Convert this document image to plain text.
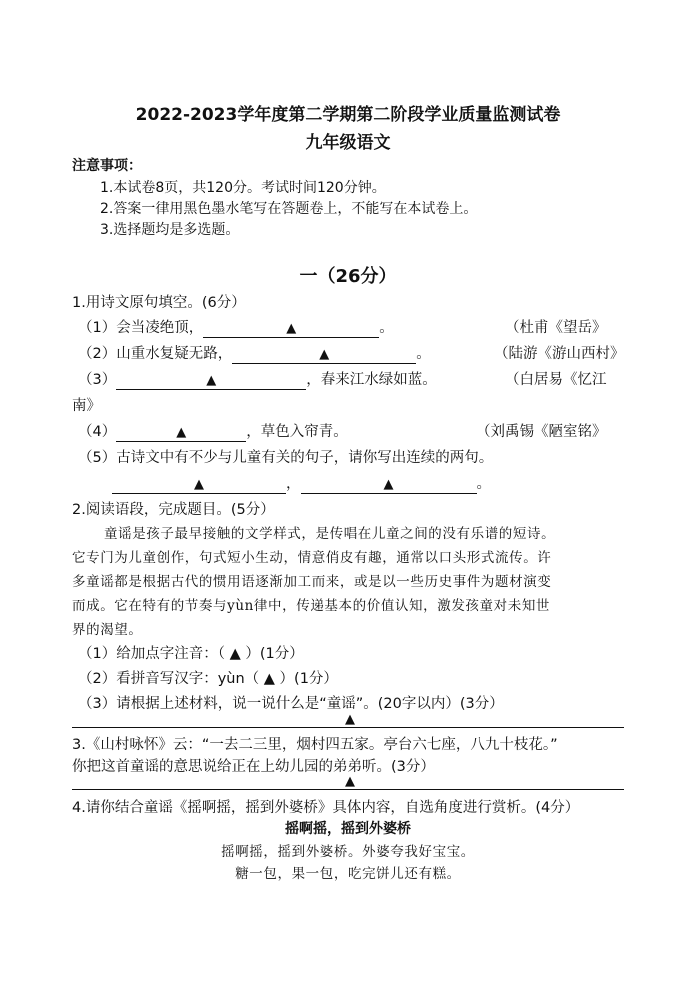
2022-2023学年度第二学期第二阶段学业质量监测试卷
九年级语文
注意事项：
1.本试卷8页，共120分。考试时间120分钟。
2.答案一律用黑色墨水笔写在答题卷上，不能写在本试卷上。
3.选择题均是多选题。
一（26分）
1.用诗文原句填空。(6分）
（1）会当凌绝顶，	▲	。	（杜甫《望岳》
（2）山重水复疑无路，	▲	。	（陆游《游山西村》
（3）	▲	，春来江水绿如蓝。	（白居易《忆江
南》
（4）	▲	，草色入帘青。	（刘禹锡《陋室铭》
（5）古诗文中有不少与儿童有关的句子，请你写出连续的两句。
▲	，	▲	。
2.阅读语段，完成题目。(5分）
童谣是孩子最早接触的文学样式，是传唱在儿童之间的没有乐谱的短诗。
它专门为儿童创作，句式短小生动，情意俏皮有趣，通常以口头形式流传。许
多童谣都是根据古代的惯用语逐渐加工而来，或是以一些历史事件为题材演变
而成。它在特有的节奏与yùn律中，传递基本的价值认知，激发孩童对未知世
界的渴望。
（1）给加点字注音：（ ▲ ）(1分）
（2）看拼音写汉字：yùn（ ▲ ）(1分）
（3）请根据上述材料，说一说什么是“童谣”。(20字以内）(3分）
▲
3.《山村咏怀》云：“一去二三里，烟村四五家。亭台六七座，八九十枝花。”
你把这首童谣的意思说给正在上幼儿园的弟弟听。(3分）
▲
4.请你结合童谣《摇啊摇，摇到外婆桥》具体内容，自选角度进行赏析。(4分）
摇啊摇，摇到外婆桥
摇啊摇，摇到外婆桥。外婆夸我好宝宝。
糖一包，果一包，吃完饼儿还有糕。
